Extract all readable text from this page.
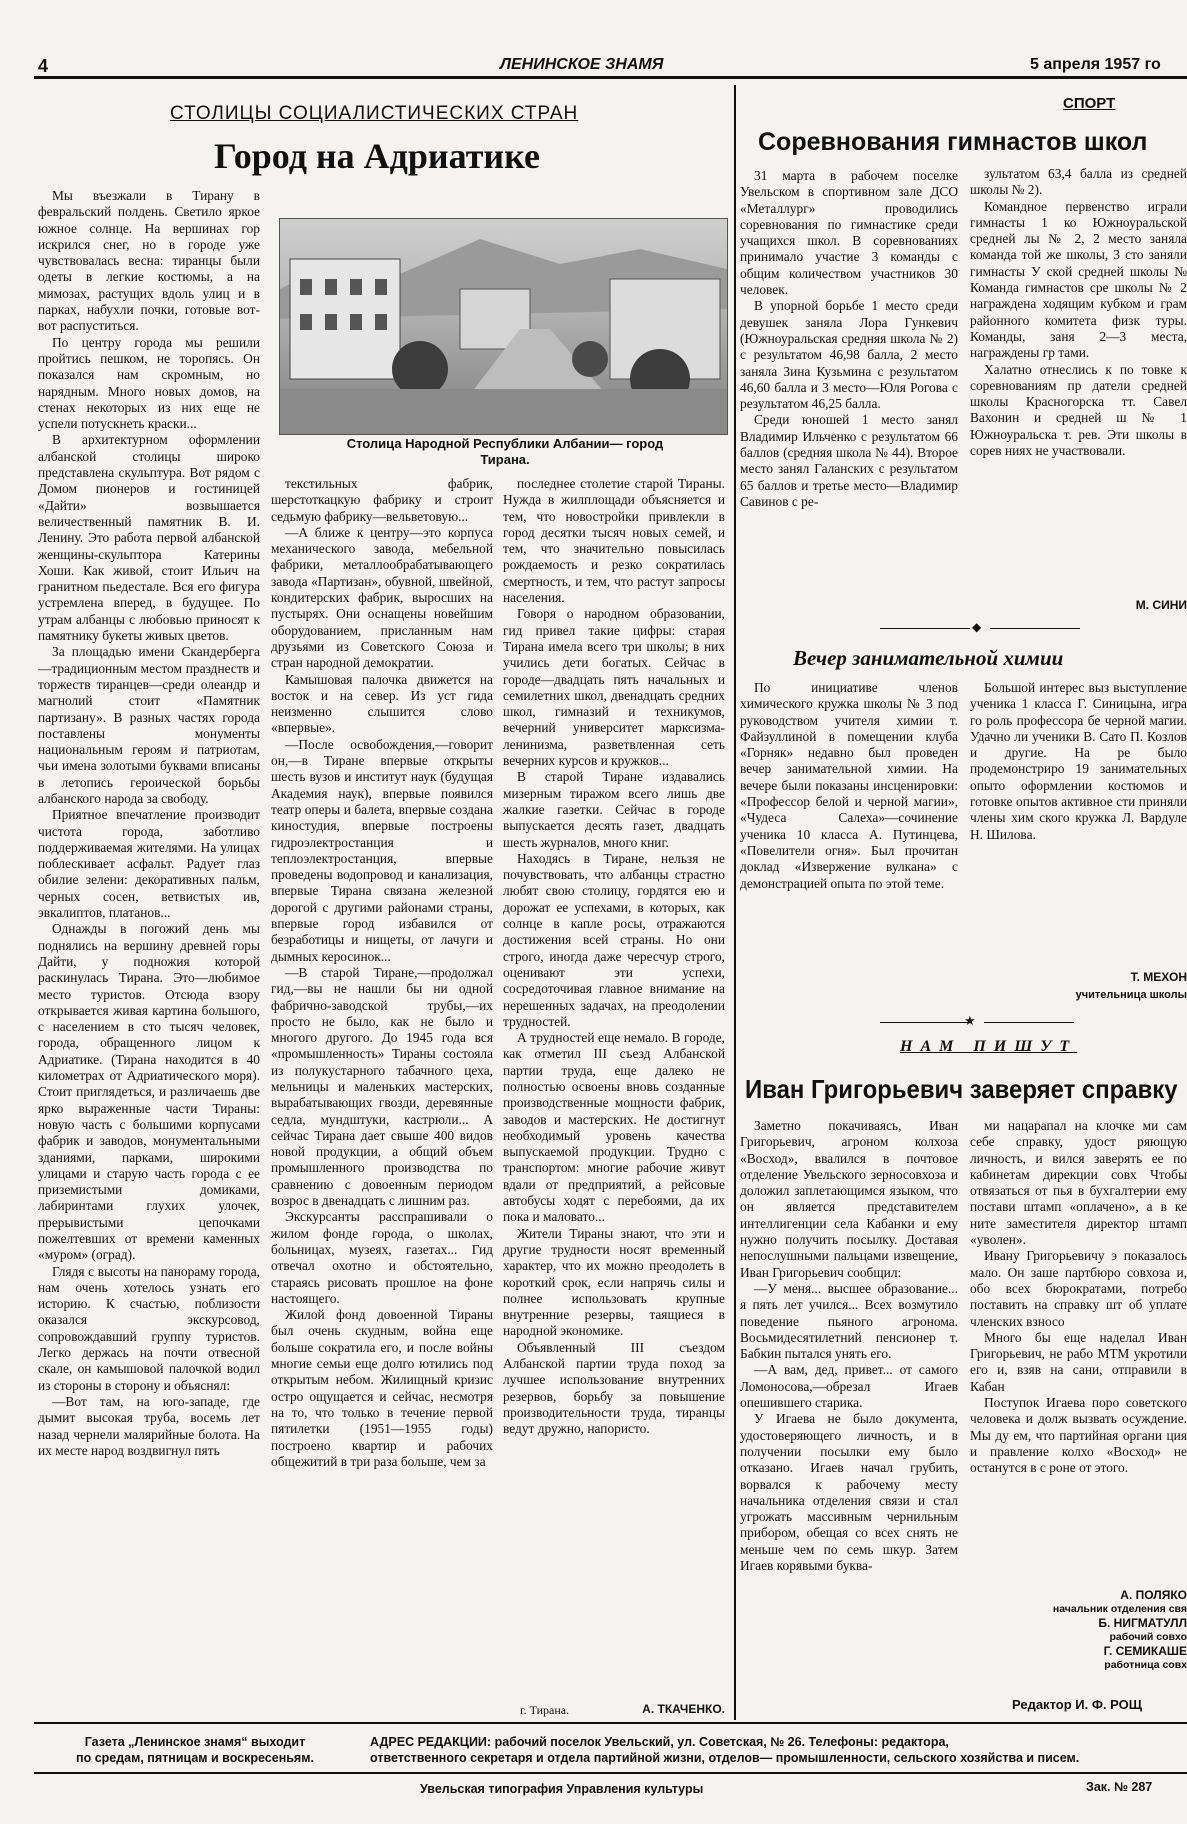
4	ЛЕНИНСКОЕ ЗНАМЯ	5 апреля 1957 го
СТОЛИЦЫ СОЦИАЛИСТИЧЕСКИХ СТРАН
Город на Адриатике
Столица Народной Республики Албании— город Тирана.

Мы въезжали в Тирану в февральский полдень. Светило яркое южное солнце. На вершинах гор искрился снег, но в городе уже чувствовалась весна: тиранцы были одеты в легкие костюмы, а на мимозах, растущих вдоль улиц и в парках, набухли почки, готовые вот-вот распуститься.

По центру города мы решили пройтись пешком, не торопясь. Он показался нам скромным, но нарядным. Много новых домов, на стенах некоторых из них еще не успели потускнеть краски...

В архитектурном оформлении албанской столицы широко представлена скульптура. Вот рядом с Домом пионеров и гостиницей «Дайти» возвышается величественный памятник В. И. Ленину. Это работа первой албанской женщины-скульптора Катерины Хоши. Как живой, стоит Ильич на гранитном пьедестале. Вся его фигура устремлена вперед, в будущее. По утрам албанцы с любовью приносят к памятнику букеты живых цветов.

За площадью имени Скандерберга—традиционным местом празднеств и торжеств тиранцев—среди олеандр и магнолий стоит «Памятник партизану». В разных частях города поставлены монументы национальным героям и патриотам, чьи имена золотыми буквами вписаны в летопись героической борьбы албанского народа за свободу.

Приятное впечатление производит чистота города, заботливо поддерживаемая жителями. На улицах поблескивает асфальт. Радует глаз обилие зелени: декоративных пальм, черных сосен, ветвистых ив, эвкалиптов, платанов...

Однажды в погожий день мы поднялись на вершину древней горы Дайти, у подножия которой раскинулась Тирана. Это—любимое место туристов. Отсюда взору открывается живая картина большого, с населением в сто тысяч человек, города, обращенного лицом к Адриатике. (Тирана находится в 40 километрах от Адриатического моря). Стоит приглядеться, и различаешь две ярко выраженные части Тираны: новую часть с большими корпусами фабрик и заводов, монументальными зданиями, парками, широкими улицами и старую часть города с ее приземистыми домиками, лабиринтами глухих улочек, прерывистыми цепочками пожелтевших от времени каменных «муром» (оград).

Глядя с высоты на панораму города, нам очень хотелось узнать его историю. К счастью, поблизости оказался экскурсовод, сопровождавший группу туристов. Легко держась на почти отвесной скале, он камышовой палочкой водил из стороны в сторону и объяснял:

—Вот там, на юго-западе, где дымит высокая труба, восемь лет назад чернели малярийные болота. На их месте народ воздвигнул пять

текстильных фабрик, шерстоткацкую фабрику и строит седьмую фабрику—вельветовую...

—А ближе к центру—это корпуса механического завода, мебельной фабрики, металлообрабатывающего завода «Партизан», обувной, швейной, кондитерских фабрик, выросших на пустырях. Они оснащены новейшим оборудованием, присланным нам друзьями из Советского Союза и стран народной демократии.

Камышовая палочка движется на восток и на север. Из уст гида неизменно слышится слово «впервые».

—После освобождения,—говорит он,—в Тиране впервые открыты шесть вузов и институт наук (будущая Академия наук), впервые появился театр оперы и балета, впервые создана киностудия, впервые построены гидроэлектростанция и теплоэлектростанция, впервые проведены водопровод и канализация, впервые Тирана связана железной дорогой с другими районами страны, впервые город избавился от безработицы и нищеты, от лачуги и дымных керосинок...

—В старой Тиране,—продолжал гид,—вы не нашли бы ни одной фабрично-заводской трубы,—их просто не было, как не было и многого другого. До 1945 года вся «промышленность» Тираны состояла из полукустарного табачного цеха, мельницы и маленьких мастерских, вырабатывающих гвозди, деревянные седла, мундштуки, кастрюли... А сейчас Тирана дает свыше 400 видов новой продукции, а общий объем промышленного производства по сравнению с довоенным периодом возрос в двенадцать с лишним раз.

Экскурсанты расспрашивали о жилом фонде города, о школах, больницах, музеях, газетах... Гид отвечал охотно и обстоятельно, стараясь рисовать прошлое на фоне настоящего.

Жилой фонд довоенной Тираны был очень скудным, война еще больше сократила его, и после войны многие семьи еще долго ютились под открытым небом. Жилищный кризис остро ощущается и сейчас, несмотря на то, что только в течение первой пятилетки (1951—1955 годы) построено квартир и рабочих общежитий в три раза больше, чем за

последнее столетие старой Тираны. Нужда в жилплощади объясняется и тем, что новостройки привлекли в город десятки тысяч новых семей, и тем, что значительно повысилась рождаемость и резко сократилась смертность, и тем, что растут запросы населения.

Говоря о народном образовании, гид привел такие цифры: старая Тирана имела всего три школы; в них учились дети богатых. Сейчас в городе—двадцать пять начальных и семилетних школ, двенадцать средних школ, гимназий и техникумов, вечерний университет марксизма-ленинизма, разветвленная сеть вечерних курсов и кружков...

В старой Тиране издавались мизерным тиражом всего лишь две жалкие газетки. Сейчас в городе выпускается десять газет, двадцать шесть журналов, много книг.

Находясь в Тиране, нельзя не почувствовать, что албанцы страстно любят свою столицу, гордятся ею и дорожат ее успехами, в которых, как солнце в капле росы, отражаются достижения всей страны. Но они строго, иногда даже чересчур строго, оценивают эти успехи, сосредоточивая главное внимание на нерешенных задачах, на преодолении трудностей.

А трудностей еще немало. В городе, как отметил III съезд Албанской партии труда, еще далеко не полностью освоены вновь созданные производственные мощности фабрик, заводов и мастерских. Не достигнут необходимый уровень качества выпускаемой продукции. Трудно с транспортом: многие рабочие живут вдали от предприятий, а рейсовые автобусы ходят с перебоями, да их пока и маловато...

Жители Тираны знают, что эти и другие трудности носят временный характер, что их можно преодолеть в короткий срок, если напрячь силы и полнее использовать крупные внутренние резервы, таящиеся в народной экономике.

Объявленный III съездом Албанской партии труда поход за лучшее использование внутренних резервов, борьбу за повышение производительности труда, тиранцы ведут дружно, напористо.

г. Тирана.	А. ТКАЧЕНКО.
СПОРТ
Соревнования гимнастов школ

31 марта в рабочем поселке Увельском в спортивном зале ДСО «Металлург» проводились соревнования по гимнастике среди учащихся школ. В соревнованиях принимало участие 3 команды с общим количеством участников 30 человек.

В упорной борьбе 1 место среди девушек заняла Лора Гункевич (Южноуральская средняя школа № 2) с результатом 46,98 балла, 2 место заняла Зина Кузьмина с результатом 46,60 балла и 3 место—Юля Рогова с результатом 46,25 балла.

Среди юношей 1 место занял Владимир Ильченко с результатом 66 баллов (средняя школа № 44). Второе место занял Галанских с результатом 65 баллов и третье место—Владимир Савинов с ре-

зультатом 63,4 балла из средней школы № 2).

Командное первенство играли гимнасты 1 ко Южноуральской средней лы № 2, 2 место заняла команда той же школы, 3 сто заняли гимнасты У ской средней школы № Команда гимнастов сре школы № 2 награждена ходящим кубком и грам районного комитета физк туры. Команды, заня 2—3 места, награждены гр тами.

Халатно отнеслись к по товке к соревнованиям пр датели средней школы Красногорска тт. Савел Вахонин и средней ш № 1 Южноуральска т. рев. Эти школы в сорев ниях не участвовали.

М. СИНИ
◆
Вечер занимательной химии

По инициативе членов химического кружка школы № 3 под руководством учителя химии т. Файзуллиной в помещении клуба «Горняк» недавно был проведен вечер занимательной химии. На вечере были показаны инсценировки: «Профессор белой и черной магии», «Чудеса Салеха»—сочинение ученика 10 класса А. Путинцева, «Повелители огня». Был прочитан доклад «Извержение вулкана» с демонстрацией опыта по этой теме.

Большой интерес выз выступление ученика 1 класса Г. Синицына, игра го роль профессора бе черной магии. Удачно ли ученики В. Сато П. Козлов и другие. На ре было продемонстриро 19 занимательных опыто оформлении костюмов и готовке опытов активное сти приняли члены хим ского кружка Л. Вардуле Н. Шилова.

Т. МЕХОН
учительница школы
★
НАМ ПИШУТ
Иван Григорьевич заверяет справку

Заметно покачиваясь, Иван Григорьевич, агроном колхоза «Восход», ввалился в почтовое отделение Увельского зерносовхоза и доложил заплетающимся языком, что он является представителем интеллигенции села Кабанки и ему нужно получить посылку. Доставая непослушными пальцами извещение, Иван Григорьевич сообщил:

—У меня... высшее образование... я пять лет учился... Всех возмутило поведение пьяного агронома. Восьмидесятилетний пенсионер т. Бабкин пытался унять его.

—А вам, дед, привет... от самого Ломоносова,—обрезал Игаев опешившего старика.

У Игаева не было документа, удостоверяющего личность, и в получении посылки ему было отказано. Игаев начал грубить, ворвался к рабочему месту начальника отделения связи и стал угрожать массивным чернильным прибором, обещая со всех снять не меньше чем по семь шкур. Затем Игаев корявыми буква-

ми нацарапал на клочке ми сам себе справку, удост ряющую личность, и вился заверять ее по кабинетам дирекции совх Чтобы отвязаться от пья в бухгалтерии ему постави штамп «оплачено», а в ке ните заместителя директор штамп «уволен».

Ивану Григорьевичу э показалось мало. Он заше партбюро совхоза и, обо всех бюрократами, потребо поставить на справку шт об уплате членских взносо

Много бы еще наделал Иван Григорьевич, не рабо МТМ укротили его и, взяв на сани, отправили в Кабан

Поступок Игаева поро советского человека и долж вызвать осуждение. Мы ду ем, что партийная органи ция и правление колхо «Восход» не останутся в с роне от этого.

А. ПОЛЯКО
начальник отделения свя
Б. НИГМАТУЛЛ
рабочий совхо
Г. СЕМИКАШЕ
работница совх
Редактор И. Ф. РОЩ
Газета „Ленинское знамя“ выходит
по средам, пятницам и воскресеньям.
АДРЕС РЕДАКЦИИ: рабочий поселок Увельский, ул. Советская, № 26. Телефоны: редактора,
ответственного секретаря и отдела партийной жизни, отделов— промышленности, сельского хозяйства и писем.
Увельская типография Управления культуры	Зак. № 287
